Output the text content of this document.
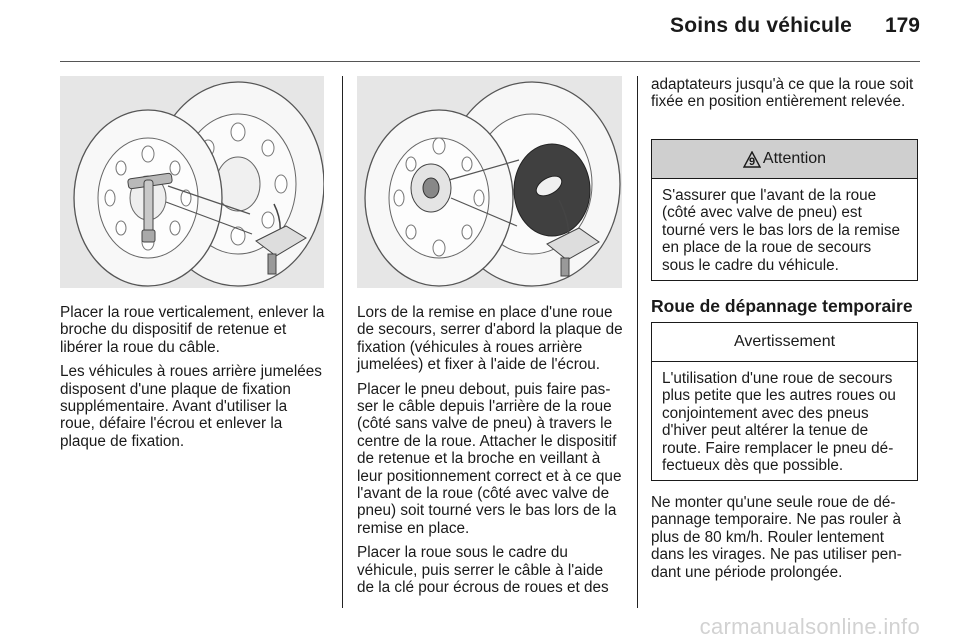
Soins du véhicule 179

Placer la roue verticalement, enlever la broche du dispositif de retenue et libérer la roue du câble.

Les véhicules à roues arrière jumelées disposent d'une plaque de fixation supplémentaire. Avant d'utiliser la roue, défaire l'écrou et enlever la plaque de fixation.

Lors de la remise en place d'une roue de secours, serrer d'abord la plaque de fixation (véhicules à roues arrière jumelées) et fixer à l'aide de l'écrou.

Placer le pneu debout, puis faire passer le câble depuis l'arrière de la roue (côté sans valve de pneu) à travers le centre de la roue. Attacher le dispositif de retenue et la broche en veillant à leur positionnement correct et à ce que l'avant de la roue (côté avec valve de pneu) soit tourné vers le bas lors de la remise en place.

Placer la roue sous le cadre du véhicule, puis serrer le câble à l'aide de la clé pour écrous de roues et des

adaptateurs jusqu'à ce que la roue soit fixée en position entièrement relevée.

9 Attention
S'assurer que l'avant de la roue (côté avec valve de pneu) est tourné vers le bas lors de la remise en place de la roue de secours sous le cadre du véhicule.
Roue de dépannage temporaire
Avertissement
L'utilisation d'une roue de secours plus petite que les autres roues ou conjointement avec des pneus d'hiver peut altérer la tenue de route. Faire remplacer le pneu défectueux dès que possible.

Ne monter qu'une seule roue de dépannage temporaire. Ne pas rouler à plus de 80 km/h. Rouler lentement dans les virages. Ne pas utiliser pendant une période prolongée.

carmanualsonline.info
